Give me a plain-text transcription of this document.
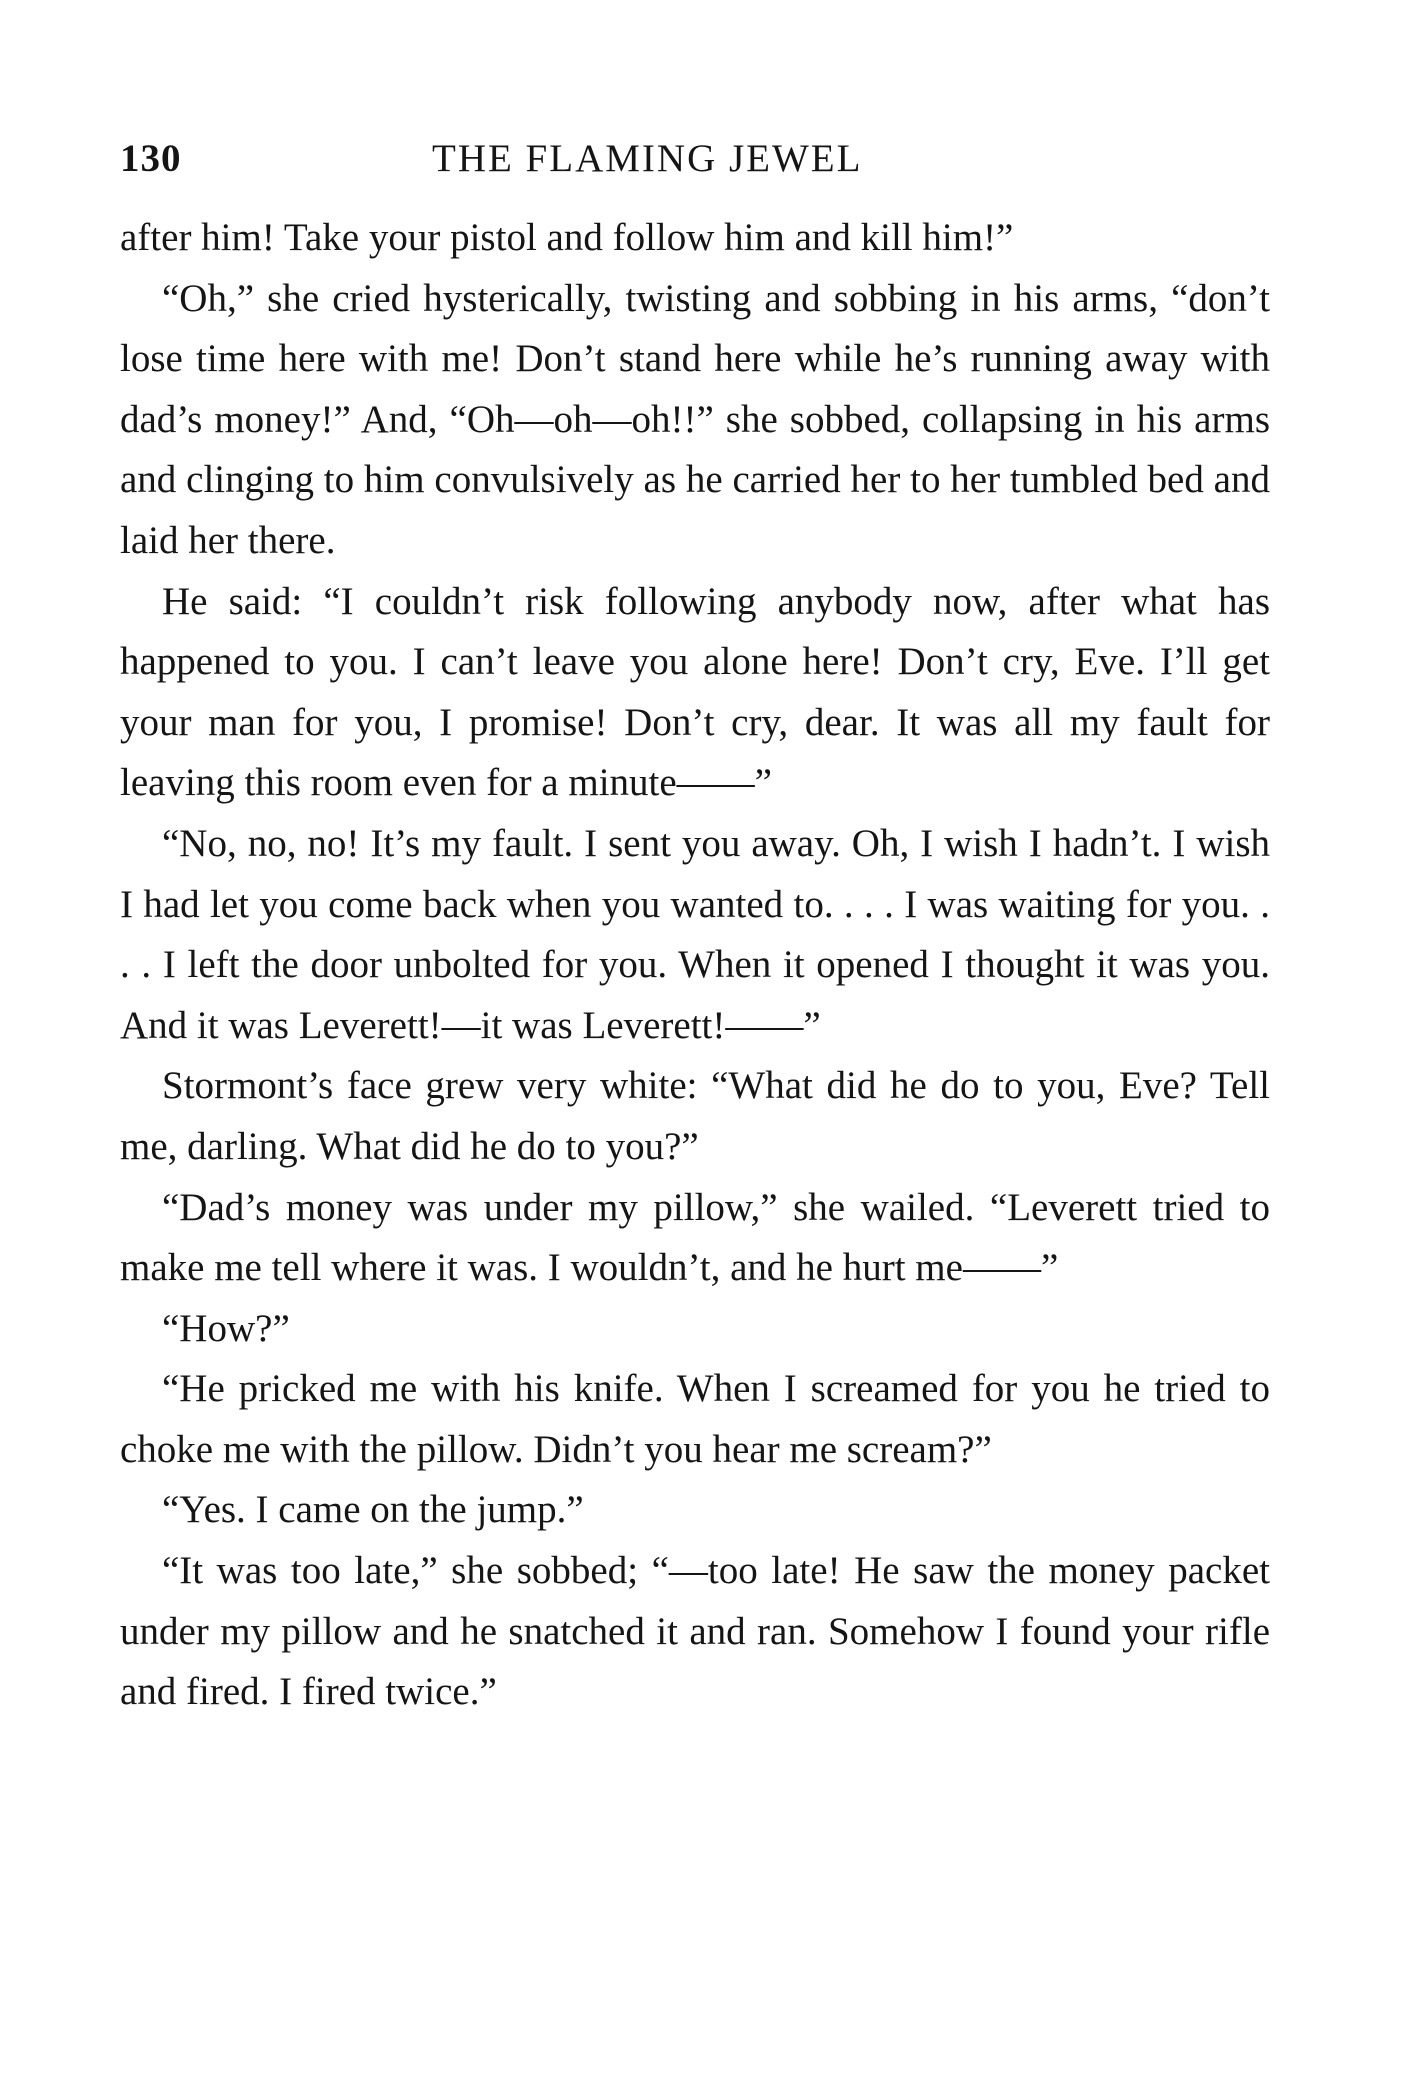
130	THE FLAMING JEWEL

after him! Take your pistol and follow him and kill him!”

“Oh,” she cried hysterically, twisting and sobbing in his arms, “don’t lose time here with me! Don’t stand here while he’s running away with dad’s money!” And, “Oh—oh—oh!!” she sobbed, collapsing in his arms and clinging to him convulsively as he carried her to her tumbled bed and laid her there.

He said: “I couldn’t risk following anybody now, after what has happened to you. I can’t leave you alone here! Don’t cry, Eve. I’ll get your man for you, I promise! Don’t cry, dear. It was all my fault for leaving this room even for a minute——”

“No, no, no! It’s my fault. I sent you away. Oh, I wish I hadn’t. I wish I had let you come back when you wanted to. . . . I was waiting for you. . . . I left the door unbolted for you. When it opened I thought it was you. And it was Leverett!—it was Leverett!——”

Stormont’s face grew very white: “What did he do to you, Eve? Tell me, darling. What did he do to you?”

“Dad’s money was under my pillow,” she wailed. “Leverett tried to make me tell where it was. I wouldn’t, and he hurt me——”

“How?”

“He pricked me with his knife. When I screamed for you he tried to choke me with the pillow. Didn’t you hear me scream?”

“Yes. I came on the jump.”

“It was too late,” she sobbed; “—too late! He saw the money packet under my pillow and he snatched it and ran. Somehow I found your rifle and fired. I fired twice.”
